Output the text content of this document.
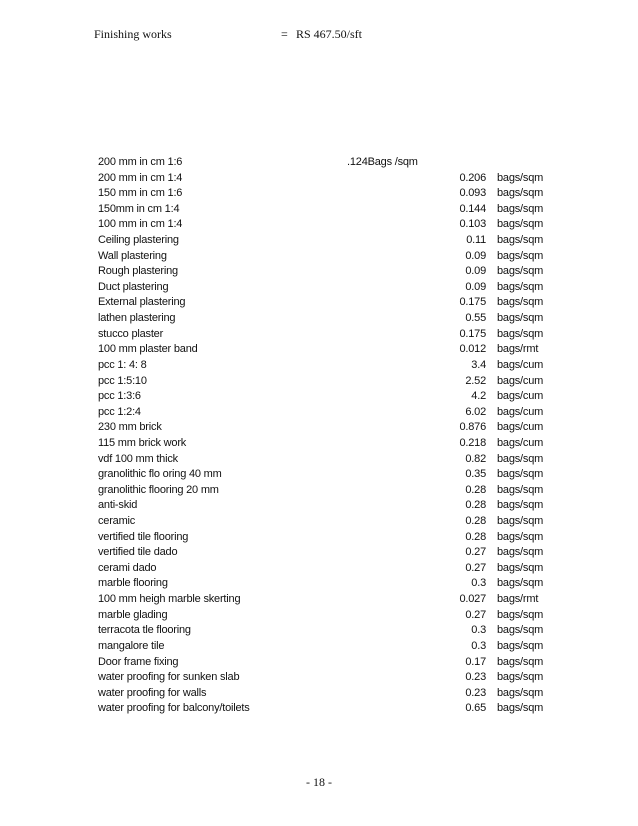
Finishing works	= RS 467.50/sft
200 mm in cm 1:6	.124Bags /sqm
200 mm in cm 1:4	0.206 bags/sqm
150 mm in cm 1:6	0.093 bags/sqm
150mm in cm 1:4	0.144 bags/sqm
100 mm in cm 1:4	0.103 bags/sqm
Ceiling plastering	0.11 bags/sqm
Wall plastering	0.09 bags/sqm
Rough plastering	0.09 bags/sqm
Duct plastering	0.09 bags/sqm
External plastering	0.175 bags/sqm
lathen plastering	0.55 bags/sqm
stucco plaster	0.175 bags/sqm
100 mm plaster band	0.012 bags/rmt
pcc 1: 4: 8	3.4 bags/cum
pcc 1:5:10	2.52 bags/cum
pcc 1:3:6	4.2 bags/cum
pcc 1:2:4	6.02 bags/cum
230 mm brick	0.876 bags/cum
115 mm brick work	0.218 bags/cum
vdf 100 mm thick	0.82 bags/sqm
granolithic flo oring 40 mm	0.35 bags/sqm
granolithic flooring 20 mm	0.28 bags/sqm
anti-skid	0.28 bags/sqm
ceramic	0.28 bags/sqm
vertified tile flooring	0.28 bags/sqm
vertified tile dado	0.27 bags/sqm
cerami dado	0.27 bags/sqm
marble flooring	0.3 bags/sqm
100 mm heigh marble skerting	0.027 bags/rmt
marble glading	0.27 bags/sqm
terracota tle flooring	0.3 bags/sqm
mangalore tile	0.3 bags/sqm
Door frame fixing	0.17 bags/sqm
water proofing for sunken slab	0.23 bags/sqm
water proofing for walls	0.23 bags/sqm
water proofing for balcony/toilets	0.65 bags/sqm
- 18 -
